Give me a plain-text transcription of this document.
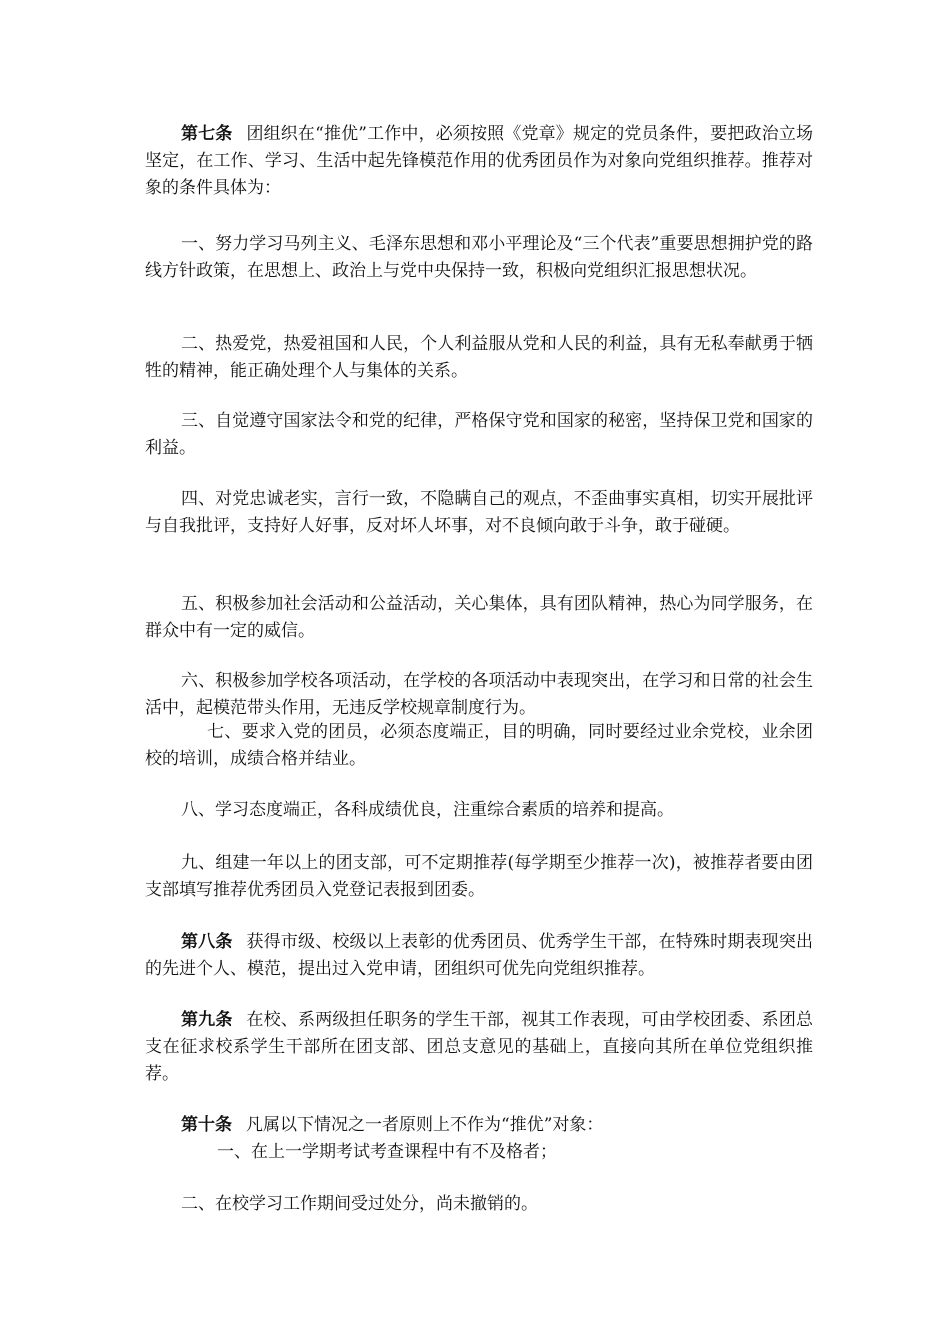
第七条 团组织在“推优”工作中，必须按照《党章》规定的党员条件，要把政治立场坚定，在工作、学习、生活中起先锋模范作用的优秀团员作为对象向党组织推荐。推荐对象的条件具体为：

一、努力学习马列主义、毛泽东思想和邓小平理论及“三个代表”重要思想拥护党的路线方针政策，在思想上、政治上与党中央保持一致，积极向党组织汇报思想状况。

二、热爱党，热爱祖国和人民，个人利益服从党和人民的利益，具有无私奉献勇于牺牲的精神，能正确处理个人与集体的关系。

三、自觉遵守国家法令和党的纪律，严格保守党和国家的秘密，坚持保卫党和国家的利益。

四、对党忠诚老实，言行一致，不隐瞒自己的观点，不歪曲事实真相，切实开展批评与自我批评，支持好人好事，反对坏人坏事，对不良倾向敢于斗争，敢于碰硬。

五、积极参加社会活动和公益活动，关心集体，具有团队精神，热心为同学服务，在群众中有一定的威信。

六、积极参加学校各项活动，在学校的各项活动中表现突出，在学习和日常的社会生活中，起模范带头作用，无违反学校规章制度行为。

七、要求入党的团员，必须态度端正，目的明确，同时要经过业余党校，业余团校的培训，成绩合格并结业。

八、学习态度端正，各科成绩优良，注重综合素质的培养和提高。

九、组建一年以上的团支部，可不定期推荐(每学期至少推荐一次)，被推荐者要由团支部填写推荐优秀团员入党登记表报到团委。

第八条 获得市级、校级以上表彰的优秀团员、优秀学生干部，在特殊时期表现突出的先进个人、模范，提出过入党申请，团组织可优先向党组织推荐。

第九条 在校、系两级担任职务的学生干部，视其工作表现，可由学校团委、系团总支在征求校系学生干部所在团支部、团总支意见的基础上，直接向其所在单位党组织推荐。

第十条 凡属以下情况之一者原则上不作为“推优”对象：

一、在上一学期考试考查课程中有不及格者；

二、在校学习工作期间受过处分，尚未撤销的。
